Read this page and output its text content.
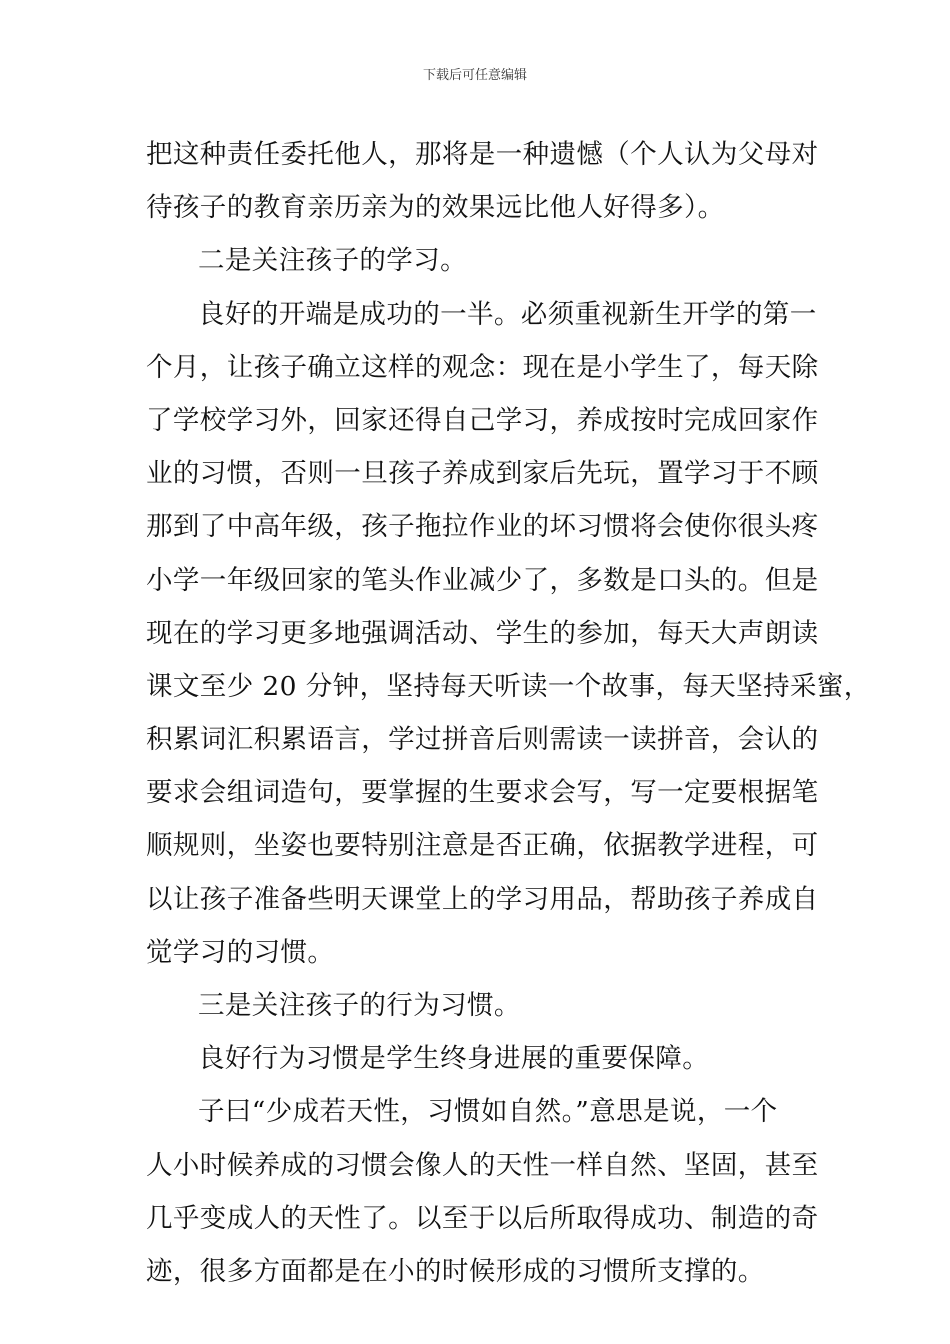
下载后可任意编辑
把这种责任委托他人，那将是一种遗憾（个人认为父母对
待孩子的教育亲历亲为的效果远比他人好得多）。
二是关注孩子的学习。
良好的开端是成功的一半。必须重视新生开学的第一
个月，让孩子确立这样的观念：现在是小学生了，每天除
了学校学习外，回家还得自己学习，养成按时完成回家作
业的习惯，否则一旦孩子养成到家后先玩，置学习于不顾
那到了中高年级，孩子拖拉作业的坏习惯将会使你很头疼
小学一年级回家的笔头作业减少了，多数是口头的。但是
现在的学习更多地强调活动、学生的参加，每天大声朗读
课文至少 20 分钟，坚持每天听读一个故事，每天坚持采蜜，
积累词汇积累语言，学过拼音后则需读一读拼音，会认的
要求会组词造句，要掌握的生要求会写，写一定要根据笔
顺规则，坐姿也要特别注意是否正确，依据教学进程，可
以让孩子准备些明天课堂上的学习用品，帮助孩子养成自
觉学习的习惯。
三是关注孩子的行为习惯。
良好行为习惯是学生终身进展的重要保障。
子曰“少成若天性，习惯如自然。”意思是说，一个
人小时候养成的习惯会像人的天性一样自然、坚固，甚至
几乎变成人的天性了。以至于以后所取得成功、制造的奇
迹，很多方面都是在小的时候形成的习惯所支撑的。
